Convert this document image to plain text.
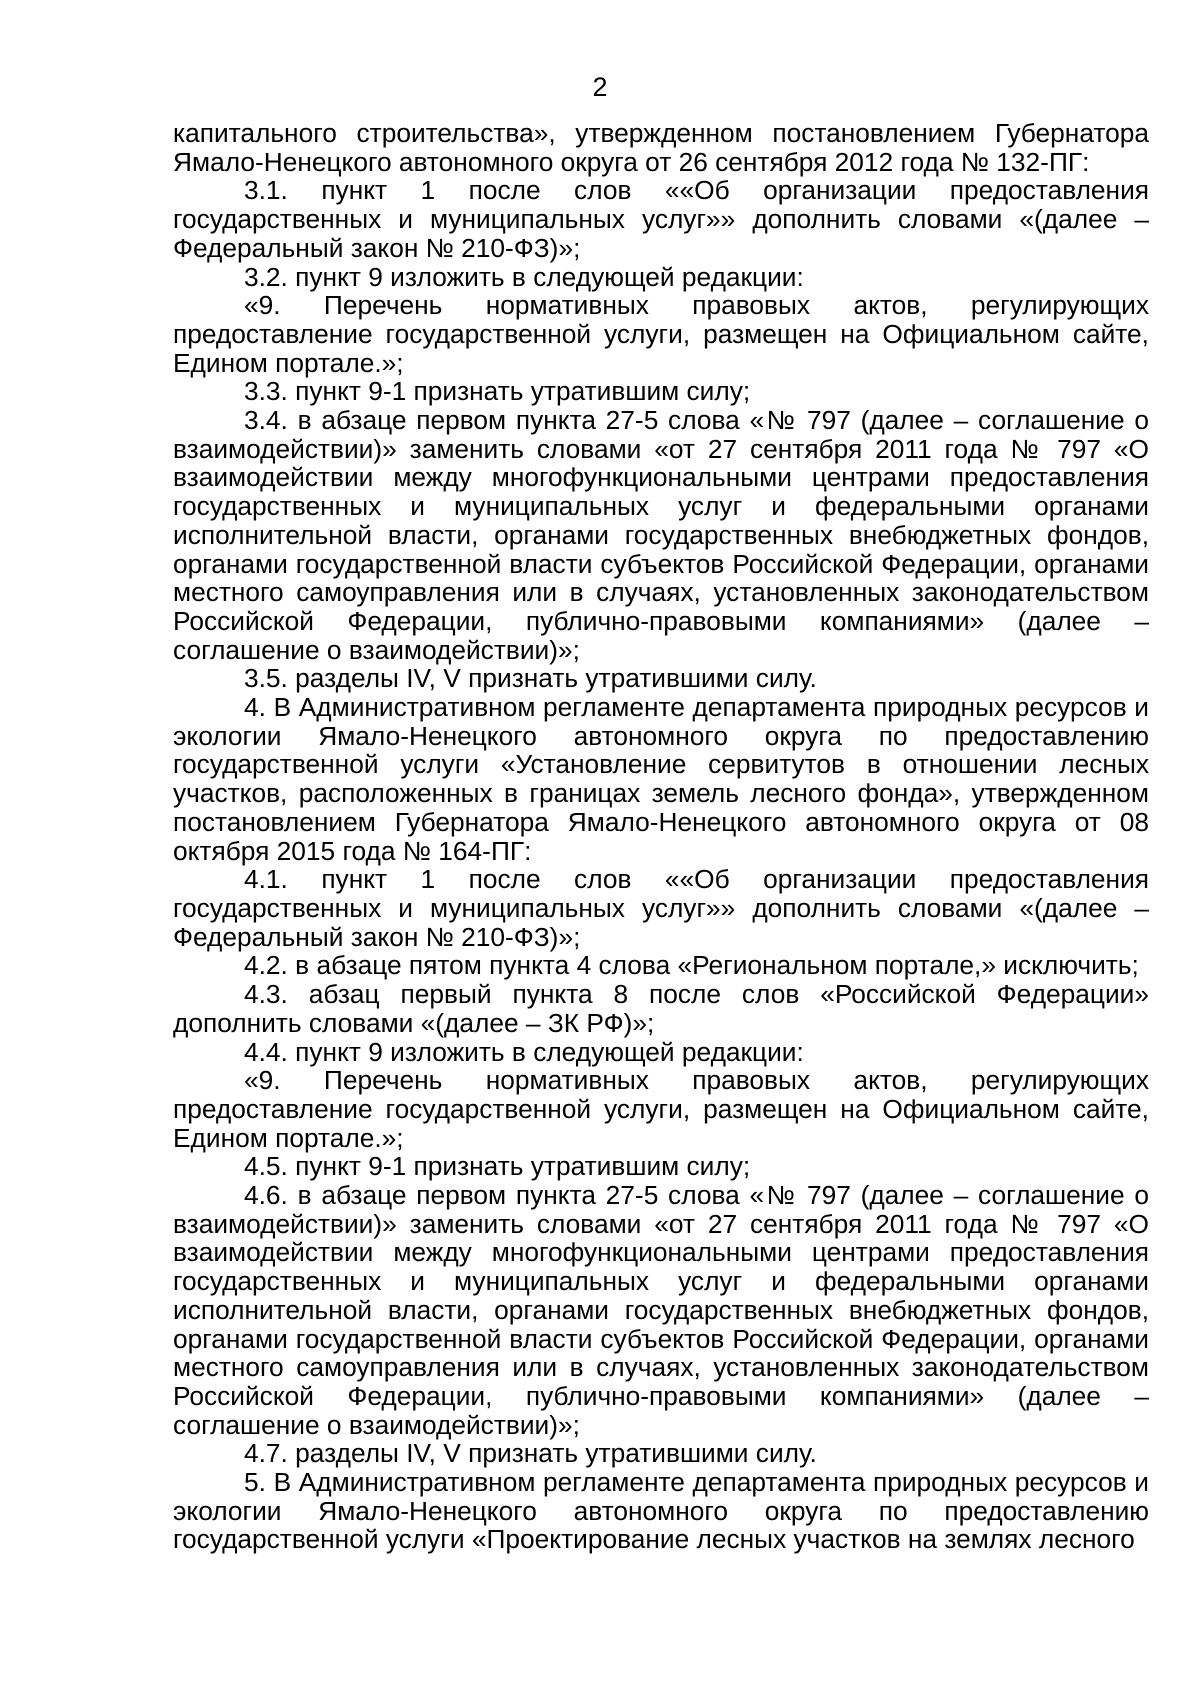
2

капитального строительства», утвержденном постановлением Губернатора Ямало-Ненецкого автономного округа от 26 сентября 2012 года № 132-ПГ:

3.1. пункт 1 после слов ««Об организации предоставления государственных и муниципальных услуг»» дополнить словами «(далее – Федеральный закон № 210-ФЗ)»;

3.2. пункт 9 изложить в следующей редакции:

«9. Перечень нормативных правовых актов, регулирующих предоставление государственной услуги, размещен на Официальном сайте, Едином портале.»;

3.3. пункт 9-1 признать утратившим силу;

3.4. в абзаце первом пункта 27-5 слова «№ 797 (далее – соглашение о взаимодействии)» заменить словами «от 27 сентября 2011 года № 797 «О взаимодействии между многофункциональными центрами предоставления государственных и муниципальных услуг и федеральными органами исполнительной власти, органами государственных внебюджетных фондов, органами государственной власти субъектов Российской Федерации, органами местного самоуправления или в случаях, установленных законодательством Российской Федерации, публично-правовыми компаниями» (далее – соглашение о взаимодействии)»;

3.5. разделы IV, V признать утратившими силу.

4. В Административном регламенте департамента природных ресурсов и экологии Ямало-Ненецкого автономного округа по предоставлению государственной услуги «Установление сервитутов в отношении лесных участков, расположенных в границах земель лесного фонда», утвержденном постановлением Губернатора Ямало-Ненецкого автономного округа от 08 октября 2015 года № 164-ПГ:

4.1. пункт 1 после слов ««Об организации предоставления государственных и муниципальных услуг»» дополнить словами «(далее – Федеральный закон № 210-ФЗ)»;

4.2. в абзаце пятом пункта 4 слова «Региональном портале,» исключить;

4.3. абзац первый пункта 8 после слов «Российской Федерации» дополнить словами «(далее – ЗК РФ)»;

4.4. пункт 9 изложить в следующей редакции:

«9. Перечень нормативных правовых актов, регулирующих предоставление государственной услуги, размещен на Официальном сайте, Едином портале.»;

4.5. пункт 9-1 признать утратившим силу;

4.6. в абзаце первом пункта 27-5 слова «№ 797 (далее – соглашение о взаимодействии)» заменить словами «от 27 сентября 2011 года № 797 «О взаимодействии между многофункциональными центрами предоставления государственных и муниципальных услуг и федеральными органами исполнительной власти, органами государственных внебюджетных фондов, органами государственной власти субъектов Российской Федерации, органами местного самоуправления или в случаях, установленных законодательством Российской Федерации, публично-правовыми компаниями» (далее – соглашение о взаимодействии)»;

4.7. разделы IV, V признать утратившими силу.

5. В Административном регламенте департамента природных ресурсов и экологии Ямало-Ненецкого автономного округа по предоставлению государственной услуги «Проектирование лесных участков на землях лесного
